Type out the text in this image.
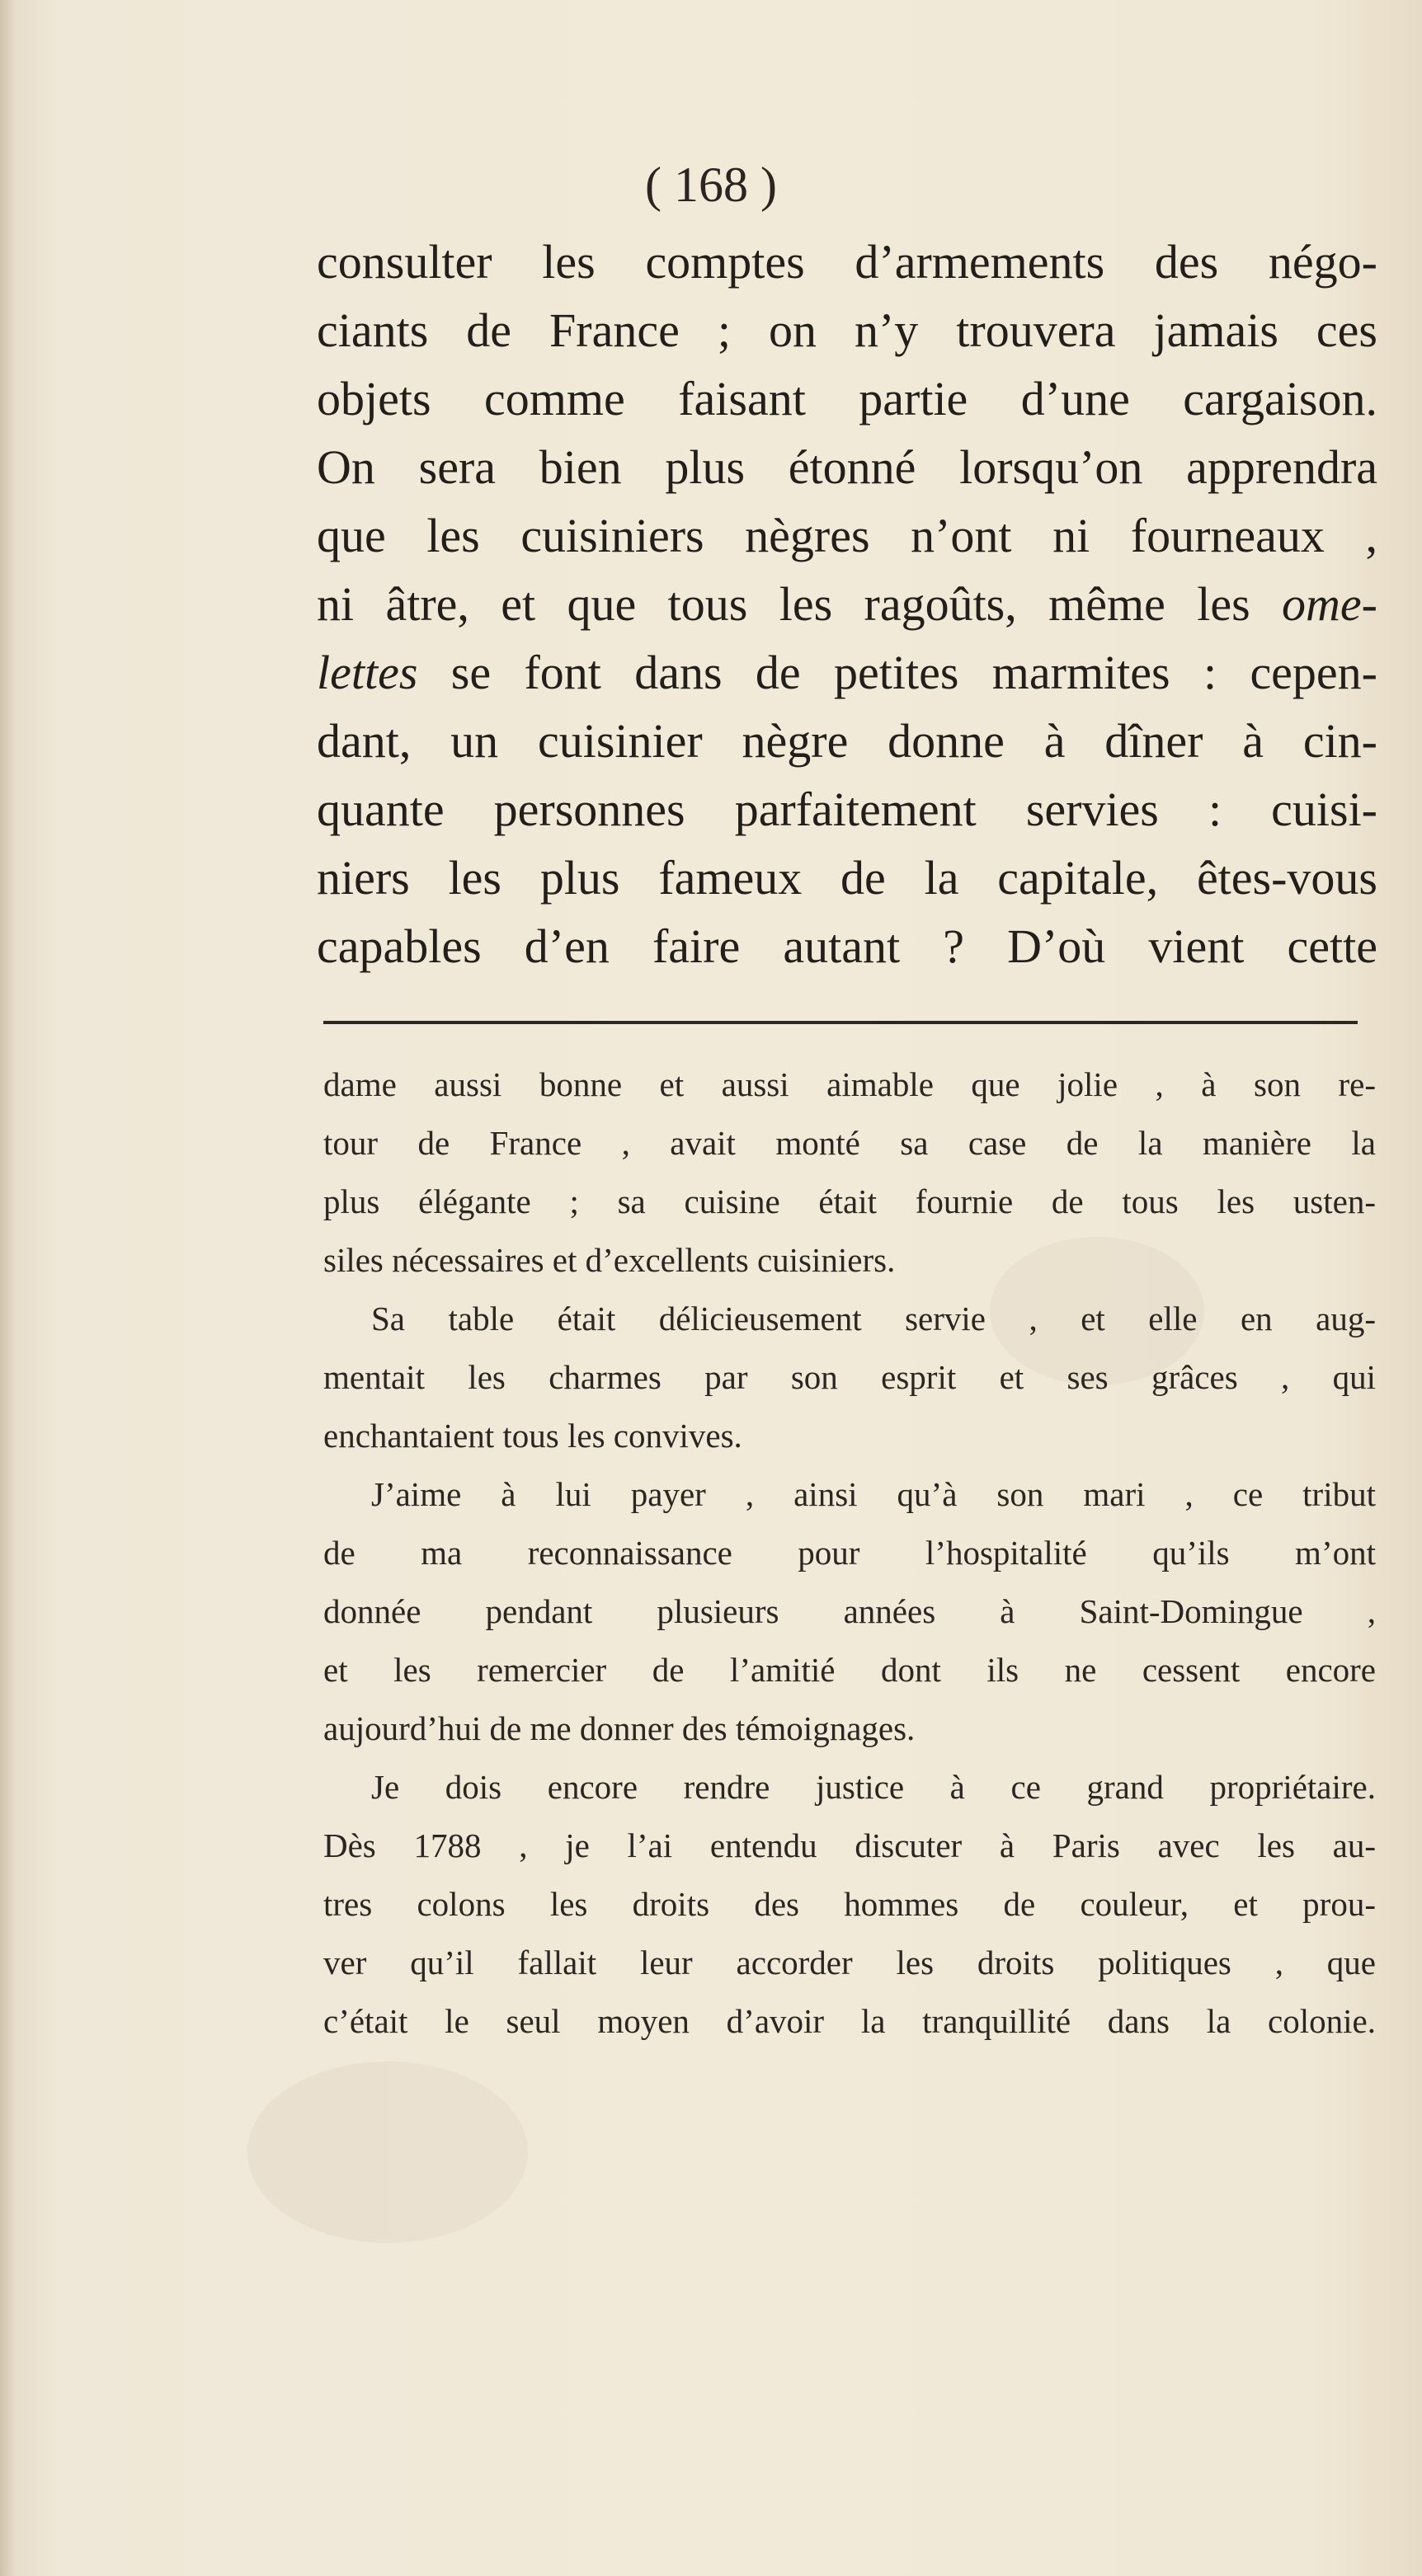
( 168 )
consulter les comptes d’armements des négo-
ciants de France ; on n’y trouvera jamais ces
objets comme faisant partie d’une cargaison.
On sera bien plus étonné lorsqu’on apprendra
que les cuisiniers nègres n’ont ni fourneaux ,
ni âtre, et que tous les ragoûts, même les ome-
lettes se font dans de petites marmites : cepen-
dant, un cuisinier nègre donne à dîner à cin-
quante personnes parfaitement servies : cuisi-
niers les plus fameux de la capitale, êtes-vous
capables d’en faire autant ? D’où vient cette
dame aussi bonne et aussi aimable que jolie , à son re-
tour de France , avait monté sa case de la manière la
plus élégante ; sa cuisine était fournie de tous les usten-
siles nécessaires et d’excellents cuisiniers.
Sa table était délicieusement servie , et elle en aug-
mentait les charmes par son esprit et ses grâces , qui
enchantaient tous les convives.
J’aime à lui payer , ainsi qu’à son mari , ce tribut
de ma reconnaissance pour l’hospitalité qu’ils m’ont
donnée pendant plusieurs années à Saint-Domingue ,
et les remercier de l’amitié dont ils ne cessent encore
aujourd’hui de me donner des témoignages.
Je dois encore rendre justice à ce grand propriétaire.
Dès 1788 , je l’ai entendu discuter à Paris avec les au-
tres colons les droits des hommes de couleur, et prou-
ver qu’il fallait leur accorder les droits politiques , que
c’était le seul moyen d’avoir la tranquillité dans la colonie.
